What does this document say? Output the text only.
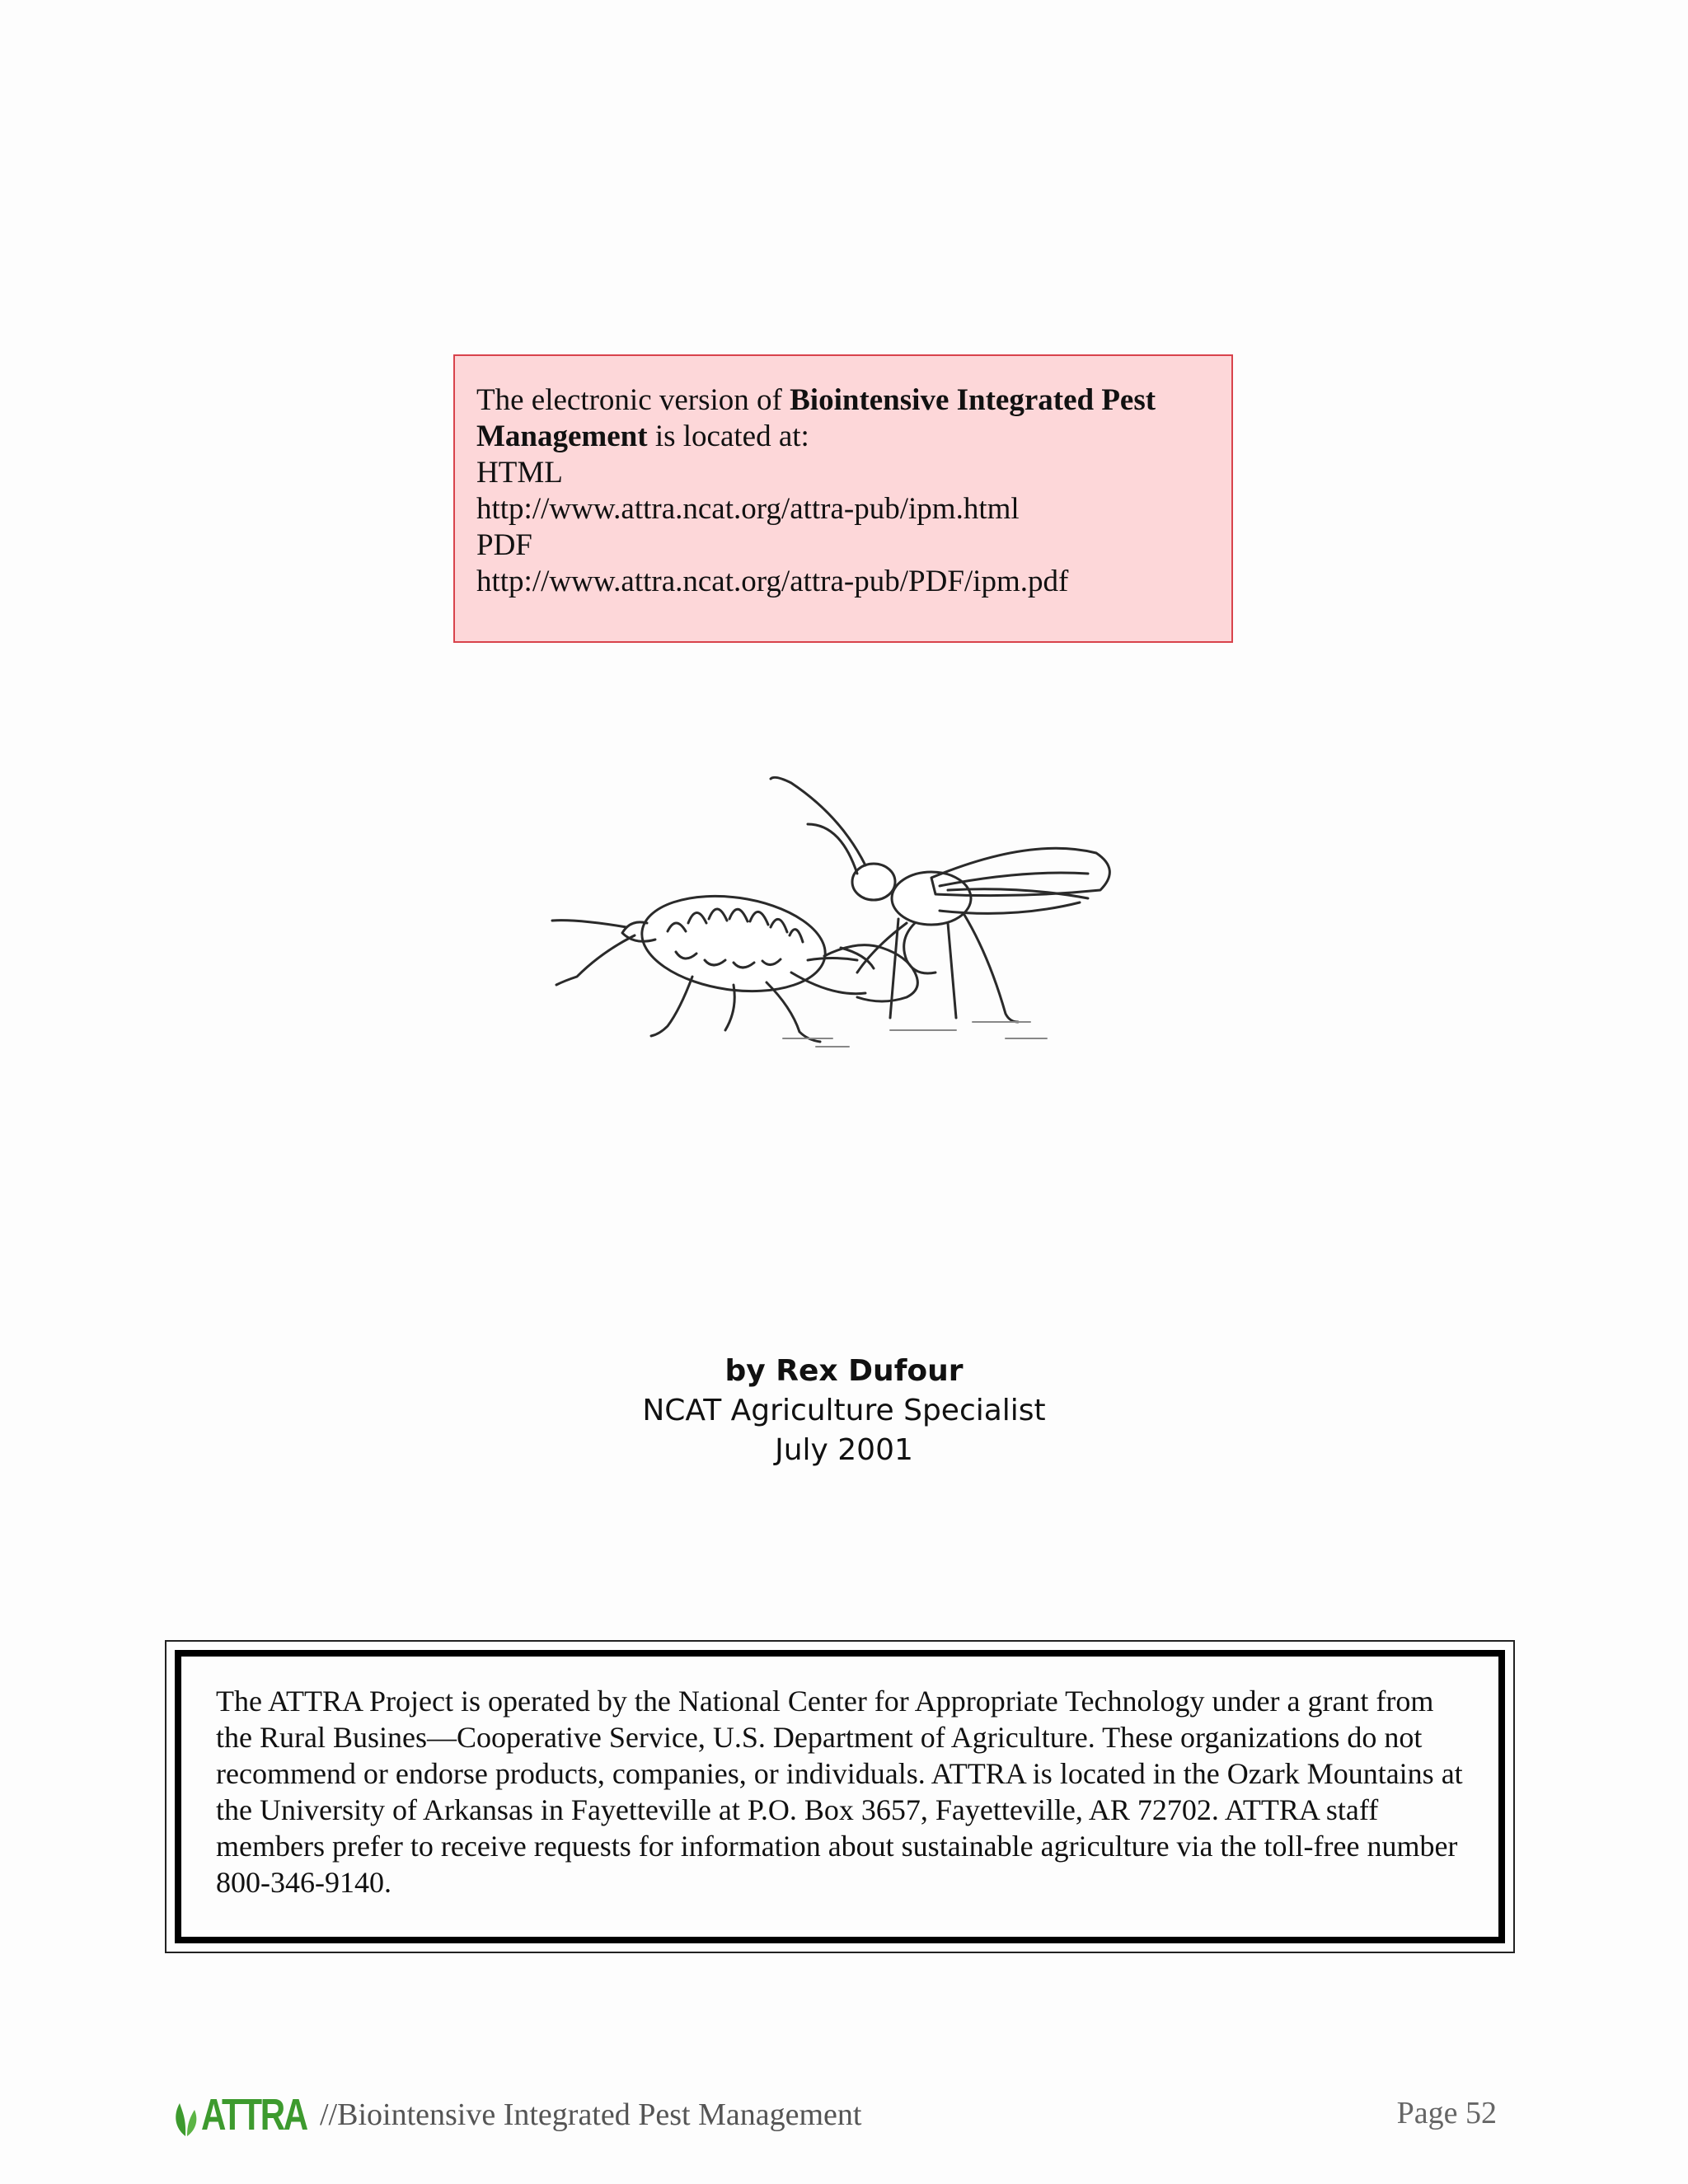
The electronic version of Biointensive Integrated Pest
Management is located at:
HTML
http://www.attra.ncat.org/attra-pub/ipm.html
PDF
http://www.attra.ncat.org/attra-pub/PDF/ipm.pdf
by Rex Dufour
NCAT Agriculture Specialist
July 2001
The ATTRA Project is operated by the National Center for Appropriate Technology under a grant from the Rural Busines—Cooperative Service, U.S. Department of Agriculture. These organizations do not recommend or endorse products, companies, or individuals. ATTRA is located in the Ozark Mountains at the University of Arkansas in Fayetteville at P.O. Box 3657, Fayetteville, AR 72702. ATTRA staff members prefer to receive requests for information about sustainable agriculture via the toll-free number 800-346-9140.
ATTRA //Biointensive Integrated Pest Management	Page 52
